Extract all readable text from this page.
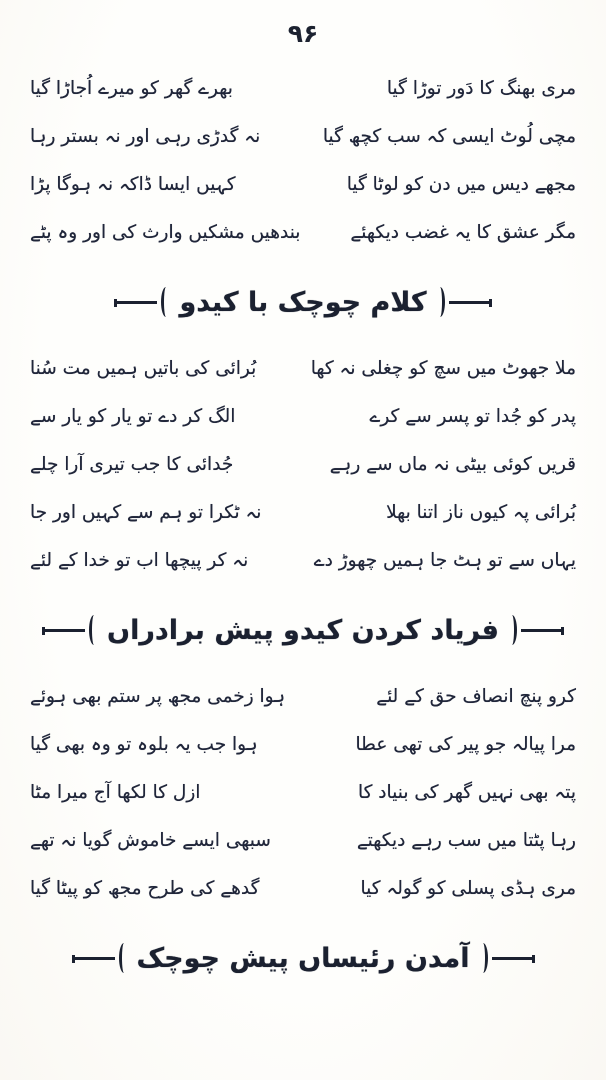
۹۶
مری بھنگ کا دَور توڑا گیا
بھرے گھر کو میرے اُجاڑا گیا
مچی لُوٹ ایسی کہ سب کچھ گیا
نہ گدڑی رہی اور نہ بستر رہا
مجھے دیس میں دن کو لوٹا گیا
کہیں ایسا ڈاکہ نہ ہوگا پڑا
مگر عشق کا یہ غضب دیکھئے
بندھیں مشکیں وارث کی اور وہ پٹے
کلام چوچک با کیدو
ملا جھوٹ میں سچ کو چغلی نہ کھا
بُرائی کی باتیں ہمیں مت سُنا
پدر کو جُدا تو پسر سے کرے
الگ کر دے تو یار کو یار سے
قریں کوئی بیٹی نہ ماں سے رہے
جُدائی کا جب تیری آرا چلے
بُرائی پہ کیوں ناز اتنا بھلا
نہ ٹکرا تو ہم سے کہیں اور جا
یہاں سے تو ہٹ جا ہمیں چھوڑ دے
نہ کر پیچھا اب تو خدا کے لئے
فریاد کردن کیدو پیش برادراں
کرو پنچ انصاف حق کے لئے
ہوا زخمی مجھ پر ستم بھی ہوئے
مرا پیالہ جو پیر کی تھی عطا
ہوا جب یہ بلوہ تو وہ بھی گیا
پتہ بھی نہیں گھر کی بنیاد کا
ازل کا لکھا آج میرا مٹا
رہا پٹتا میں سب رہے دیکھتے
سبھی ایسے خاموش گویا نہ تھے
مری ہڈی پسلی کو گولہ کیا
گدھے کی طرح مجھ کو پیٹا گیا
آمدن رئیساں پیش چوچک
